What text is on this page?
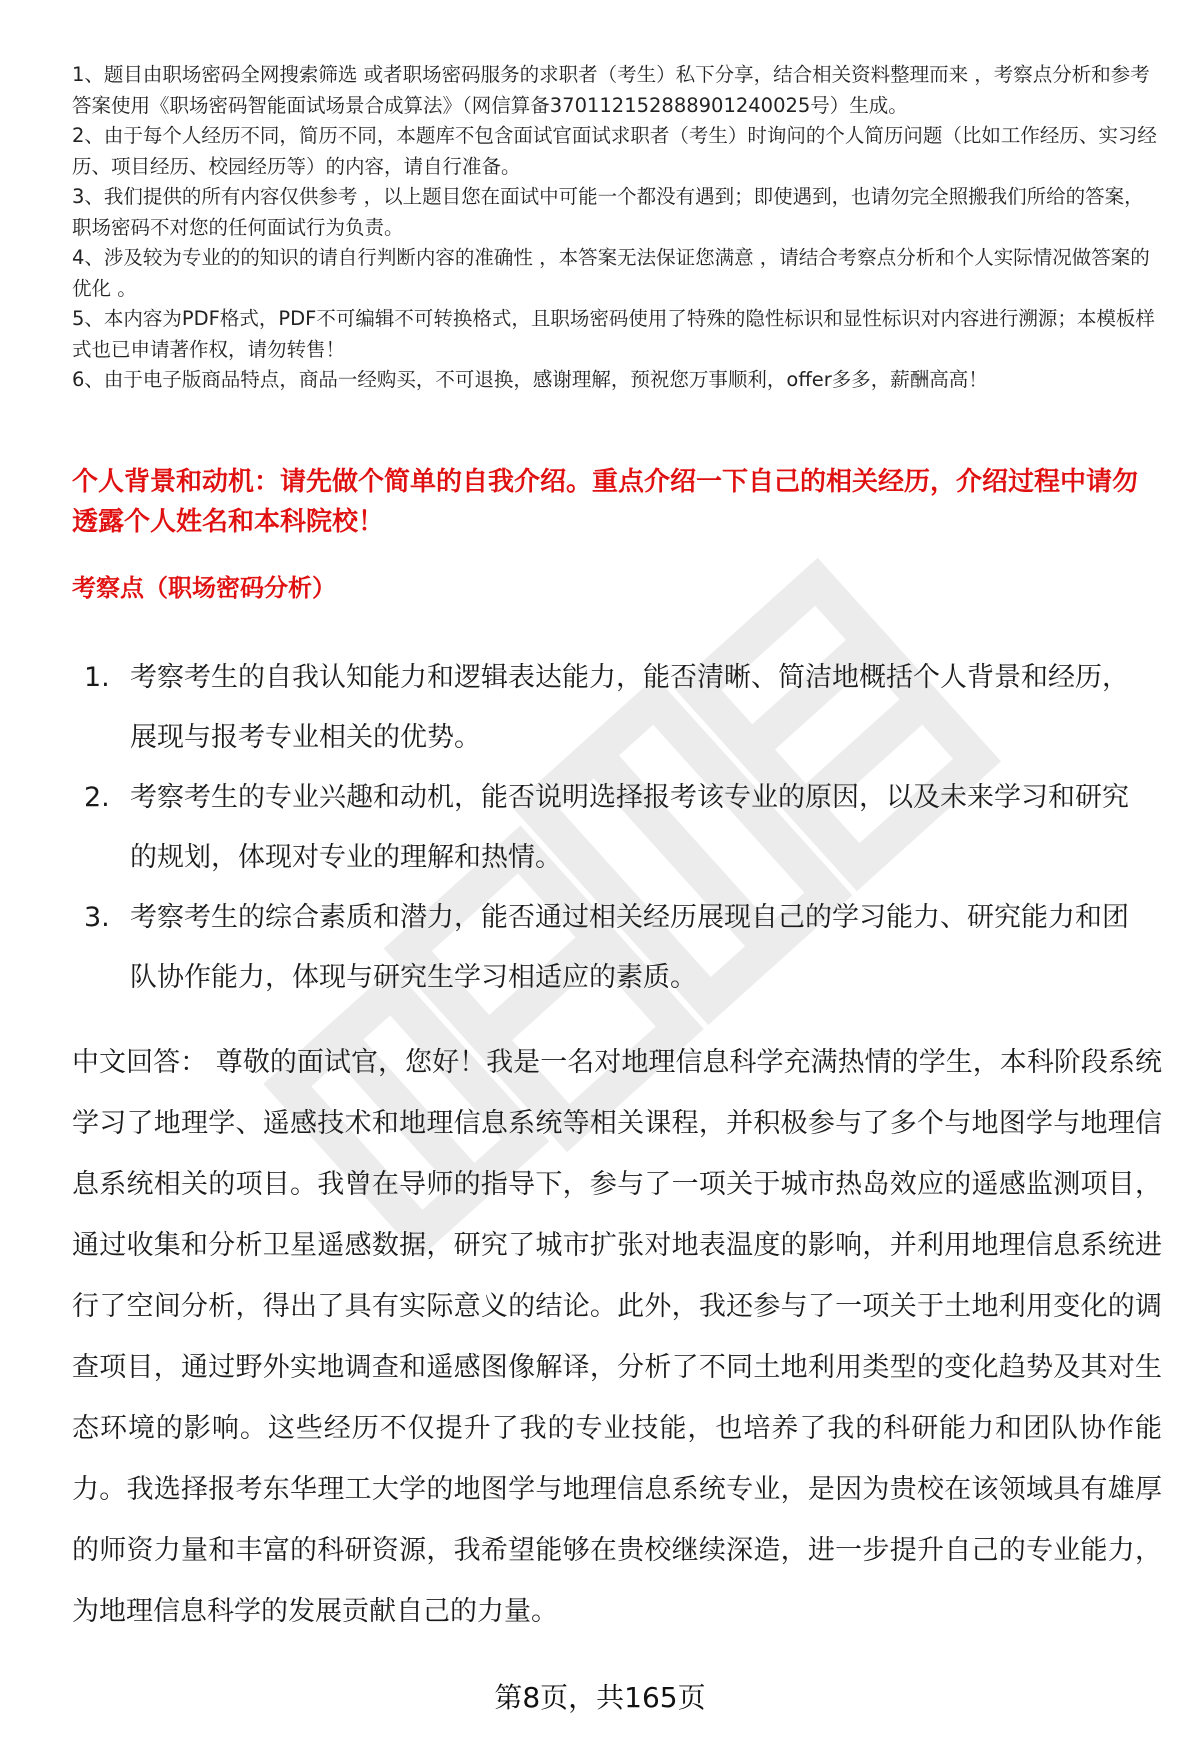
1、题目由职场密码全网搜索筛选 或者职场密码服务的求职者（考生）私下分享，结合相关资料整理而来 ，考察点分析和参考答案使用《职场密码智能面试场景合成算法》（网信算备370112152888901240025号）生成。

2、由于每个人经历不同，简历不同，本题库不包含面试官面试求职者（考生）时询问的个人简历问题（比如工作经历、实习经历、项目经历、校园经历等）的内容，请自行准备。

3、我们提供的所有内容仅供参考 ，以上题目您在面试中可能一个都没有遇到；即使遇到，也请勿完全照搬我们所给的答案，职场密码不对您的任何面试行为负责。

4、涉及较为专业的的知识的请自行判断内容的准确性 ，本答案无法保证您满意 ，请结合考察点分析和个人实际情况做答案的优化 。

5、本内容为PDF格式，PDF不可编辑不可转换格式，且职场密码使用了特殊的隐性标识和显性标识对内容进行溯源；本模板样式也已申请著作权，请勿转售！

6、由于电子版商品特点，商品一经购买，不可退换，感谢理解，预祝您万事顺利，offer多多，薪酬高高！

个人背景和动机：请先做个简单的自我介绍。重点介绍一下自己的相关经历，介绍过程中请勿透露个人姓名和本科院校！

考察点（职场密码分析）

1. 考察考生的自我认知能力和逻辑表达能力，能否清晰、简洁地概括个人背景和经历，展现与报考专业相关的优势。
2. 考察考生的专业兴趣和动机，能否说明选择报考该专业的原因，以及未来学习和研究的规划，体现对专业的理解和热情。
3. 考察考生的综合素质和潜力，能否通过相关经历展现自己的学习能力、研究能力和团队协作能力，体现与研究生学习相适应的素质。

中文回答： 尊敬的面试官，您好！我是一名对地理信息科学充满热情的学生，本科阶段系统学习了地理学、遥感技术和地理信息系统等相关课程，并积极参与了多个与地图学与地理信息系统相关的项目。我曾在导师的指导下，参与了一项关于城市热岛效应的遥感监测项目，通过收集和分析卫星遥感数据，研究了城市扩张对地表温度的影响，并利用地理信息系统进行了空间分析，得出了具有实际意义的结论。此外，我还参与了一项关于土地利用变化的调查项目，通过野外实地调查和遥感图像解译，分析了不同土地利用类型的变化趋势及其对生态环境的影响。这些经历不仅提升了我的专业技能，也培养了我的科研能力和团队协作能力。我选择报考东华理工大学的地图学与地理信息系统专业，是因为贵校在该领域具有雄厚的师资力量和丰富的科研资源，我希望能够在贵校继续深造，进一步提升自己的专业能力，为地理信息科学的发展贡献自己的力量。

第8页，共165页
